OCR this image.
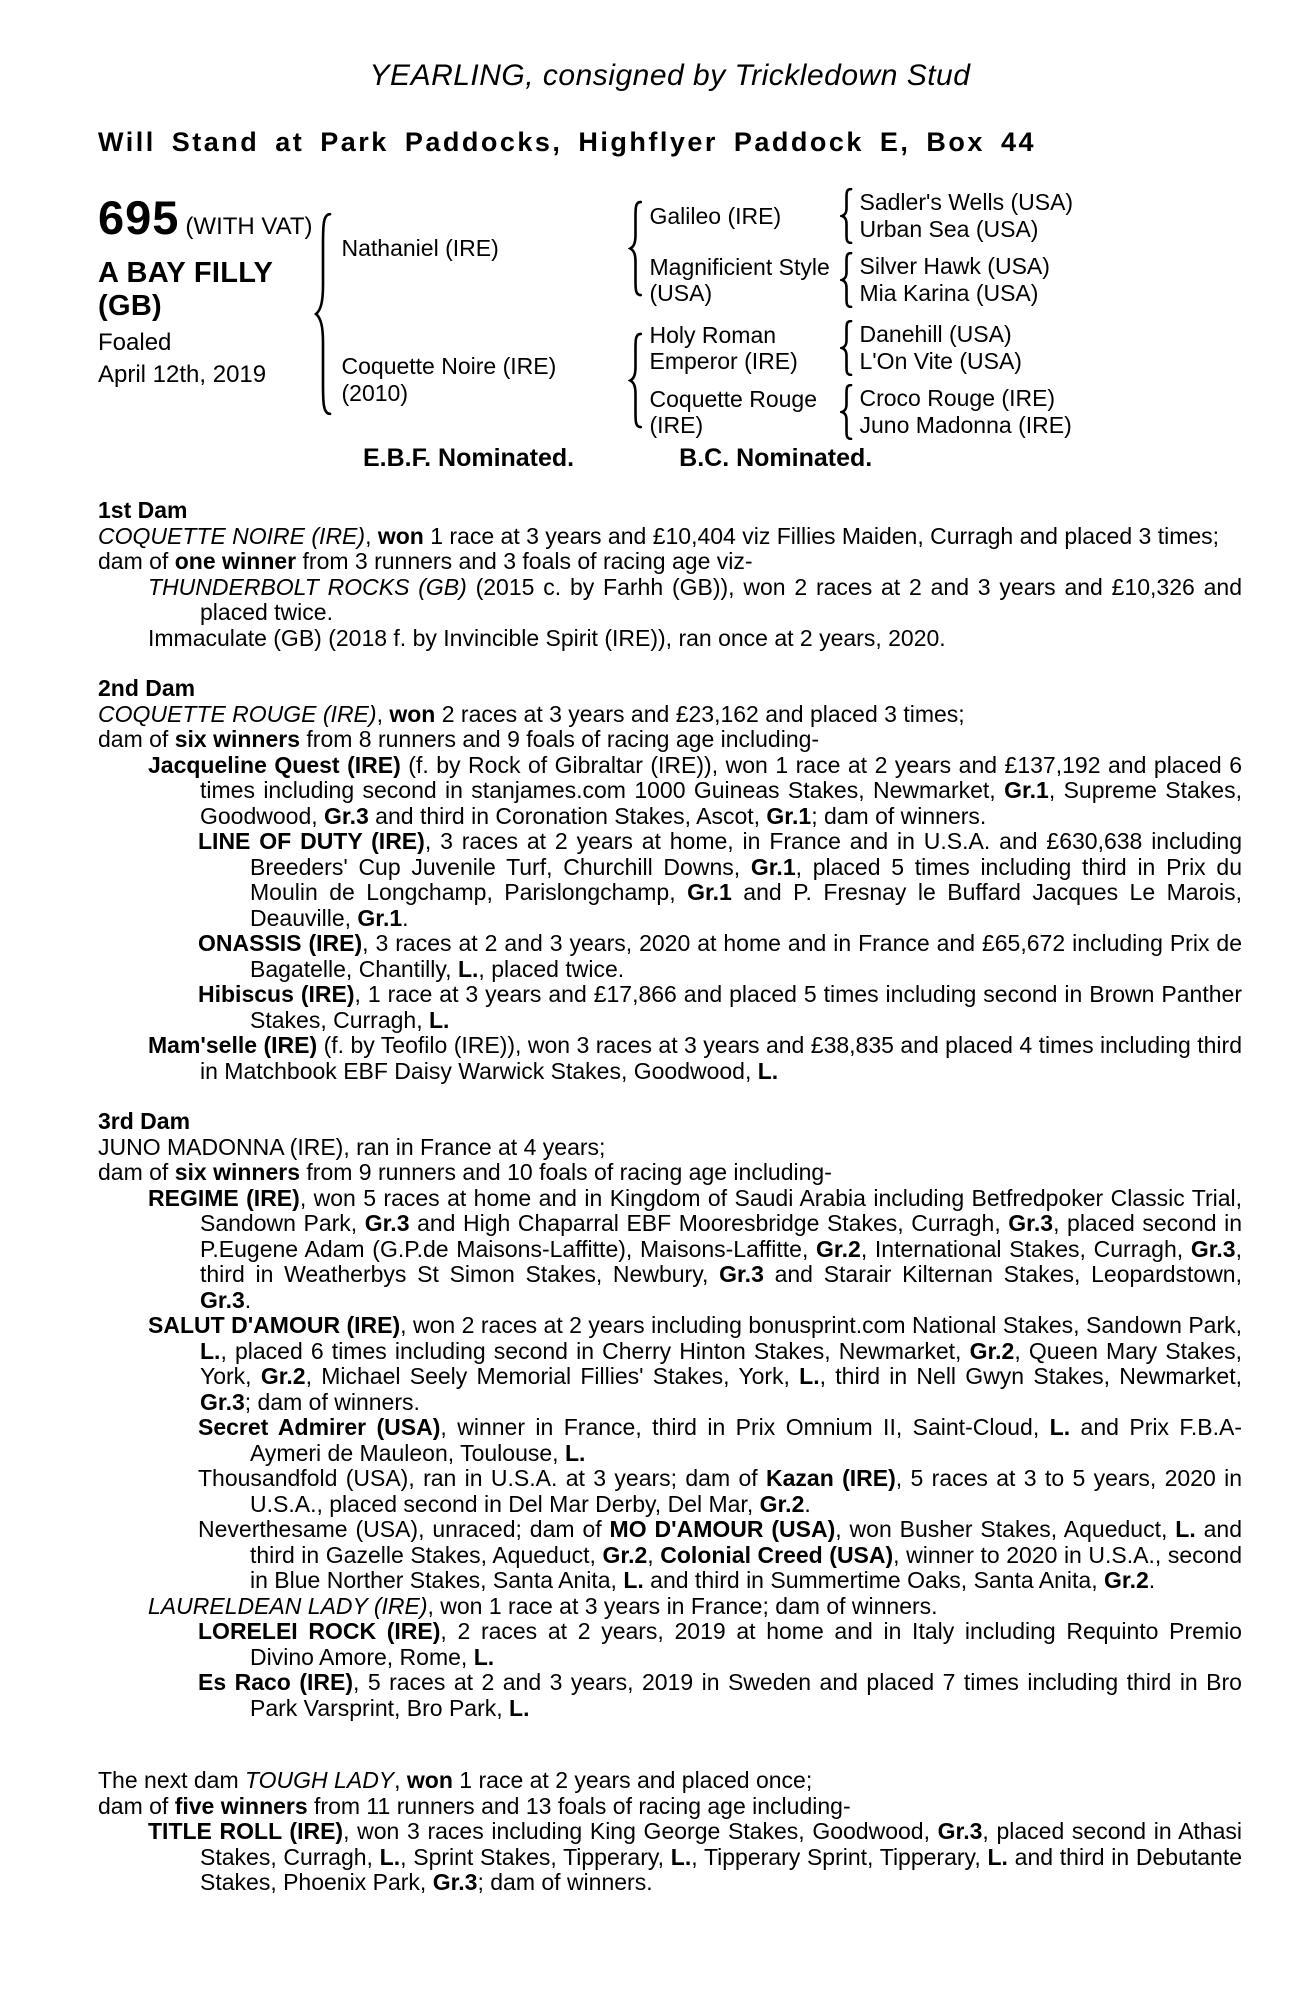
YEARLING, consigned by Trickledown Stud
Will Stand at Park Paddocks, Highflyer Paddock E, Box 44
695 (WITH VAT)
A BAY FILLY (GB)
Foaled
April 12th, 2019
Nathaniel (IRE)
Galileo (IRE)
Sadler's Wells (USA)
Urban Sea (USA)
Magnificient Style (USA)
Silver Hawk (USA)
Mia Karina (USA)
Coquette Noire (IRE)
(2010)
Holy Roman Emperor (IRE)
Danehill (USA)
L'On Vite (USA)
Coquette Rouge (IRE)
Croco Rouge (IRE)
Juno Madonna (IRE)
E.B.F. Nominated.	B.C. Nominated.

1st Dam

COQUETTE NOIRE (IRE), won 1 race at 3 years and £10,404 viz Fillies Maiden, Curragh and placed 3 times;

dam of one winner from 3 runners and 3 foals of racing age viz-

THUNDERBOLT ROCKS (GB) (2015 c. by Farhh (GB)), won 2 races at 2 and 3 years and £10,326 and placed twice.

Immaculate (GB) (2018 f. by Invincible Spirit (IRE)), ran once at 2 years, 2020.

2nd Dam

COQUETTE ROUGE (IRE), won 2 races at 3 years and £23,162 and placed 3 times;

dam of six winners from 8 runners and 9 foals of racing age including-

Jacqueline Quest (IRE) (f. by Rock of Gibraltar (IRE)), won 1 race at 2 years and £137,192 and placed 6 times including second in stanjames.com 1000 Guineas Stakes, Newmarket, Gr.1, Supreme Stakes, Goodwood, Gr.3 and third in Coronation Stakes, Ascot, Gr.1; dam of winners.

LINE OF DUTY (IRE), 3 races at 2 years at home, in France and in U.S.A. and £630,638 including Breeders' Cup Juvenile Turf, Churchill Downs, Gr.1, placed 5 times including third in Prix du Moulin de Longchamp, Parislongchamp, Gr.1 and P. Fresnay le Buffard Jacques Le Marois, Deauville, Gr.1.

ONASSIS (IRE), 3 races at 2 and 3 years, 2020 at home and in France and £65,672 including Prix de Bagatelle, Chantilly, L., placed twice.

Hibiscus (IRE), 1 race at 3 years and £17,866 and placed 5 times including second in Brown Panther Stakes, Curragh, L.

Mam'selle (IRE) (f. by Teofilo (IRE)), won 3 races at 3 years and £38,835 and placed 4 times including third in Matchbook EBF Daisy Warwick Stakes, Goodwood, L.

3rd Dam

JUNO MADONNA (IRE), ran in France at 4 years;

dam of six winners from 9 runners and 10 foals of racing age including-

REGIME (IRE), won 5 races at home and in Kingdom of Saudi Arabia including Betfredpoker Classic Trial, Sandown Park, Gr.3 and High Chaparral EBF Mooresbridge Stakes, Curragh, Gr.3, placed second in P.Eugene Adam (G.P.de Maisons-Laffitte), Maisons-Laffitte, Gr.2, International Stakes, Curragh, Gr.3, third in Weatherbys St Simon Stakes, Newbury, Gr.3 and Starair Kilternan Stakes, Leopardstown, Gr.3.

SALUT D'AMOUR (IRE), won 2 races at 2 years including bonusprint.com National Stakes, Sandown Park, L., placed 6 times including second in Cherry Hinton Stakes, Newmarket, Gr.2, Queen Mary Stakes, York, Gr.2, Michael Seely Memorial Fillies' Stakes, York, L., third in Nell Gwyn Stakes, Newmarket, Gr.3; dam of winners.

Secret Admirer (USA), winner in France, third in Prix Omnium II, Saint-Cloud, L. and Prix F.B.A-Aymeri de Mauleon, Toulouse, L.

Thousandfold (USA), ran in U.S.A. at 3 years; dam of Kazan (IRE), 5 races at 3 to 5 years, 2020 in U.S.A., placed second in Del Mar Derby, Del Mar, Gr.2.

Neverthesame (USA), unraced; dam of MO D'AMOUR (USA), won Busher Stakes, Aqueduct, L. and third in Gazelle Stakes, Aqueduct, Gr.2, Colonial Creed (USA), winner to 2020 in U.S.A., second in Blue Norther Stakes, Santa Anita, L. and third in Summertime Oaks, Santa Anita, Gr.2.

LAURELDEAN LADY (IRE), won 1 race at 3 years in France; dam of winners.

LORELEI ROCK (IRE), 2 races at 2 years, 2019 at home and in Italy including Requinto Premio Divino Amore, Rome, L.

Es Raco (IRE), 5 races at 2 and 3 years, 2019 in Sweden and placed 7 times including third in Bro Park Varsprint, Bro Park, L.

The next dam TOUGH LADY, won 1 race at 2 years and placed once;

dam of five winners from 11 runners and 13 foals of racing age including-

TITLE ROLL (IRE), won 3 races including King George Stakes, Goodwood, Gr.3, placed second in Athasi Stakes, Curragh, L., Sprint Stakes, Tipperary, L., Tipperary Sprint, Tipperary, L. and third in Debutante Stakes, Phoenix Park, Gr.3; dam of winners.
